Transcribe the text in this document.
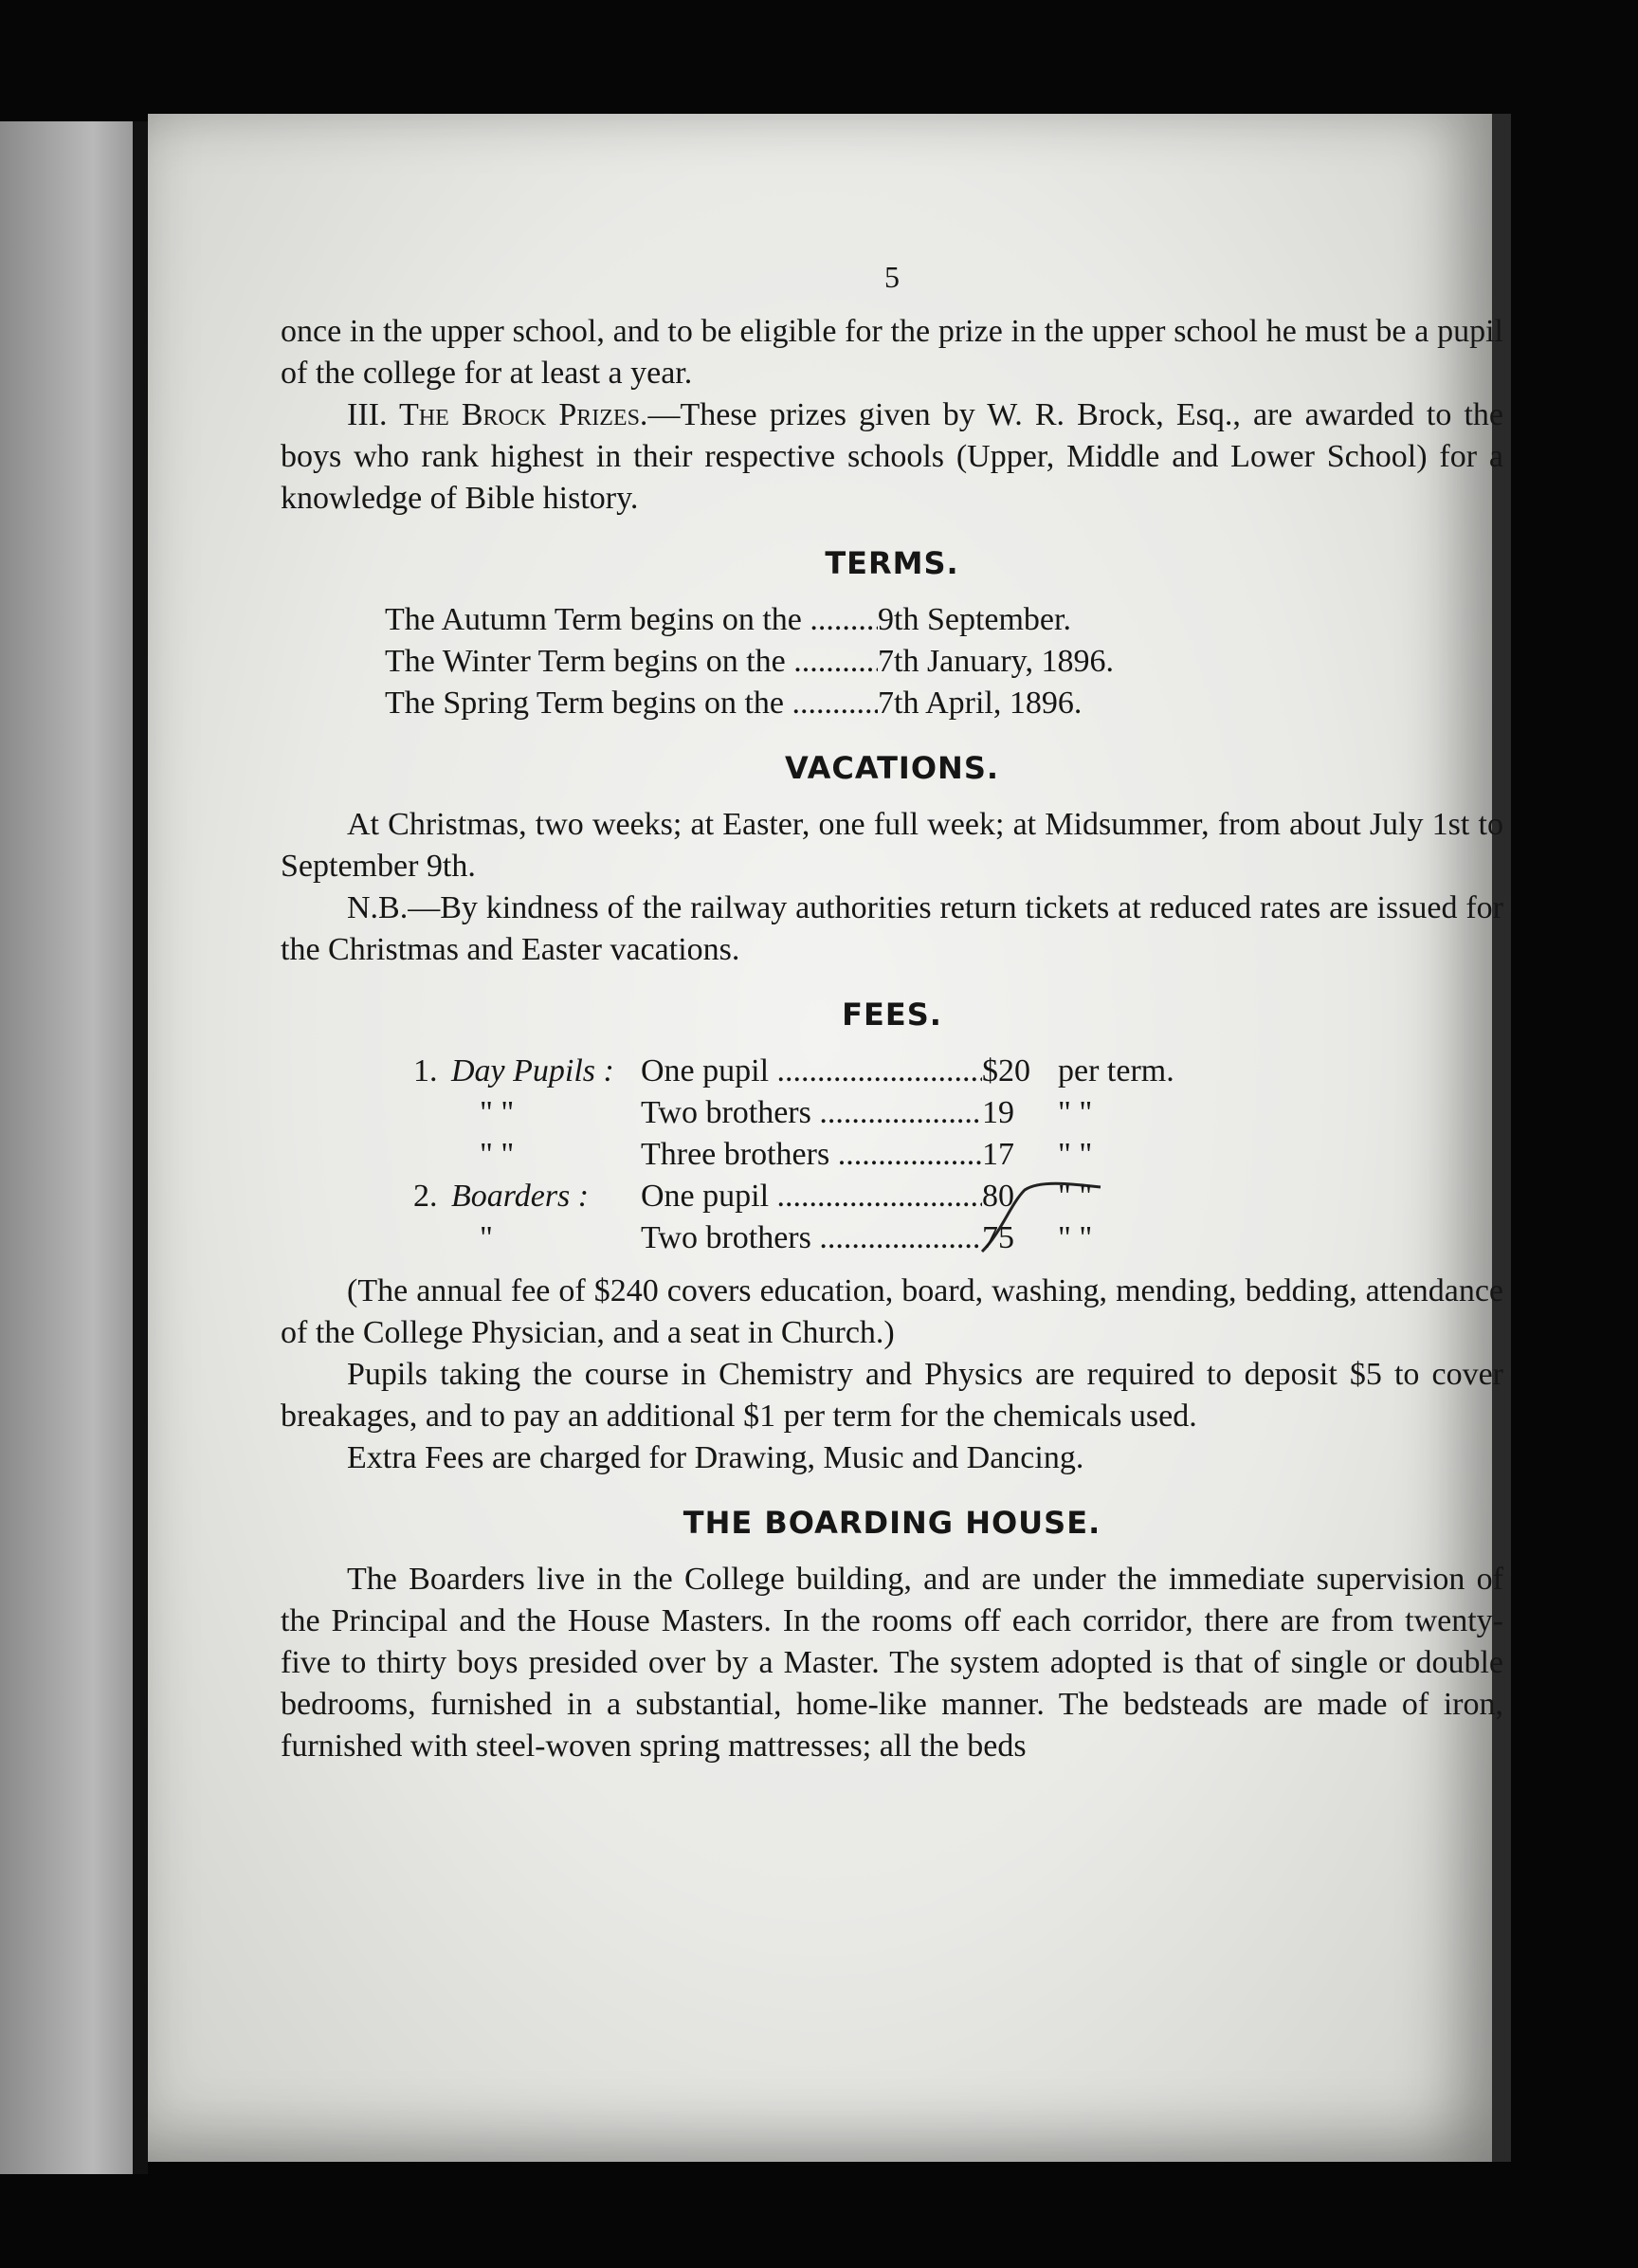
5

once in the upper school, and to be eligible for the prize in the upper school he must be a pupil of the college for at least a year.

III. The Brock Prizes.—These prizes given by W. R. Brock, Esq., are awarded to the boys who rank highest in their respective schools (Upper, Middle and Lower School) for a knowledge of Bible history.

TERMS.
The Autumn Term begins on the .....	9th September.
The Winter Term begins on the .....	7th January, 1896.
The Spring Term begins on the .....	7th April, 1896.
VACATIONS.

At Christmas, two weeks; at Easter, one full week; at Midsummer, from about July 1st to September 9th.

N.B.—By kindness of the railway authorities return tickets at reduced rates are issued for the Christmas and Easter vacations.

FEES.
1. Day Pupils : One pupil .....	$20 per term.
" "	Two brothers .....	19	" "
" "	Three brothers .....	17	" "
2. Boarders :	One pupil .....	80	" "
"	Two brothers .....	75	" "

(The annual fee of $240 covers education, board, washing, mending, bedding, attendance of the College Physician, and a seat in Church.)

Pupils taking the course in Chemistry and Physics are required to deposit $5 to cover breakages, and to pay an additional $1 per term for the chemicals used.

Extra Fees are charged for Drawing, Music and Dancing.

THE BOARDING HOUSE.

The Boarders live in the College building, and are under the immediate supervision of the Principal and the House Masters. In the rooms off each corridor, there are from twenty-five to thirty boys presided over by a Master. The system adopted is that of single or double bedrooms, furnished in a substantial, home-like manner. The bedsteads are made of iron, furnished with steel-woven spring mattresses; all the beds
